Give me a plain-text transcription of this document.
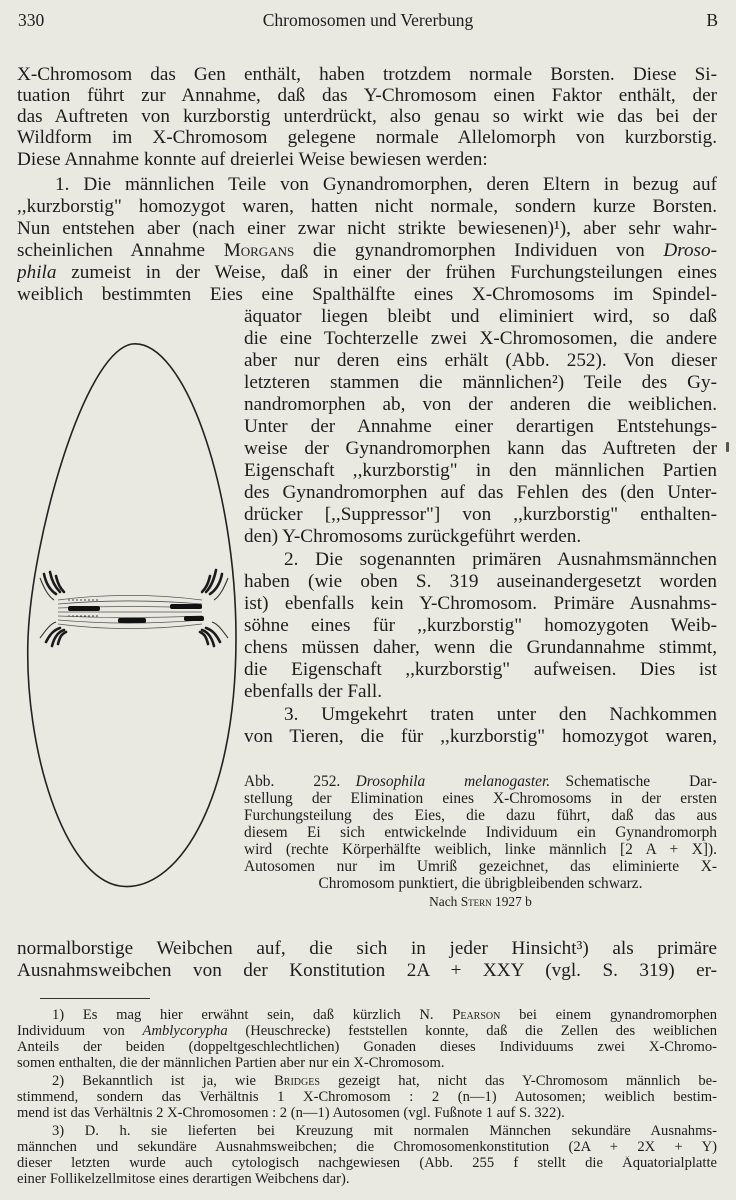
330	Chromosomen und Vererbung	B
X-Chromosom das Gen enthält, haben trotzdem normale Borsten. Diese Si-
tuation führt zur Annahme, daß das Y-Chromosom einen Faktor enthält, der
das Auftreten von kurzborstig unterdrückt, also genau so wirkt wie das bei der
Wildform im X-Chromosom gelegene normale Allelomorph von kurzborstig.
Diese Annahme konnte auf dreierlei Weise bewiesen werden:
1. Die männlichen Teile von Gynandromorphen, deren Eltern in bezug auf
,,kurzborstig" homozygot waren, hatten nicht normale, sondern kurze Borsten.
Nun entstehen aber (nach einer zwar nicht strikte bewiesenen)¹), aber sehr wahr-
weiblich bestimmten Eies eine Spalthälfte eines X-Chromosoms im Spindel-
äquator liegen bleibt und eliminiert wird, so daß
die eine Tochterzelle zwei X-Chromosomen, die andere
aber nur deren eins erhält (Abb. 252). Von dieser
letzteren stammen die männlichen²) Teile des Gy-
nandromorphen ab, von der anderen die weiblichen.
Unter der Annahme einer derartigen Entstehungs-
weise der Gynandromorphen kann das Auftreten der
Eigenschaft ,,kurzborstig" in den männlichen Partien
des Gynandromorphen auf das Fehlen des (den Unter-
drücker [,,Suppressor"] von ,,kurzborstig" enthalten-
den) Y-Chromosoms zurückgeführt werden.
2. Die sogenannten primären Ausnahmsmännchen
haben (wie oben S. 319 auseinandergesetzt worden
ist) ebenfalls kein Y-Chromosom. Primäre Ausnahms-
söhne eines für ,,kurzborstig" homozygoten Weib-
chens müssen daher, wenn die Grundannahme stimmt,
die Eigenschaft ,,kurzborstig" aufweisen. Dies ist
ebenfalls der Fall.
3. Umgekehrt traten unter den Nachkommen
von Tieren, die für ,,kurzborstig" homozygot waren,
normalborstige Weibchen auf, die sich in jeder Hinsicht³) als primäre
Ausnahmsweibchen von der Konstitution 2A + XXY (vgl. S. 319) er-
scheinlichen Annahme Morgans die gynandromorphen Individuen von Droso-
phila zumeist in der Weise, daß in einer der frühen Furchungsteilungen eines
Abb. 252.  Drosophila melanogaster.  Schematische Dar-
stellung der Elimination eines X-Chromosoms in der ersten
Furchungsteilung des Eies, die dazu führt, daß das aus
diesem Ei sich entwickelnde Individuum ein Gynandromorph
wird (rechte Körperhälfte weiblich, linke männlich [2 A + X]).
Autosomen nur im Umriß gezeichnet, das eliminierte X-
Chromosom punktiert, die übrigbleibenden schwarz.
Nach Stern 1927 b
1) Es mag hier erwähnt sein, daß kürzlich N. Pearson bei einem gynandromorphen
Individuum von Amblycorypha (Heuschrecke) feststellen konnte, daß die Zellen des weiblichen
Anteils der beiden (doppeltgeschlechtlichen) Gonaden dieses Individuums zwei X-Chromo-
somen enthalten, die der männlichen Partien aber nur ein X-Chromosom.
2) Bekanntlich ist ja, wie Bridges gezeigt hat, nicht das Y-Chromosom männlich be-
stimmend, sondern das Verhältnis 1 X-Chromosom : 2 (n—1) Autosomen; weiblich bestim-
mend ist das Verhältnis 2 X-Chromosomen : 2 (n—1) Autosomen (vgl. Fußnote 1 auf S. 322).
3) D. h. sie lieferten bei Kreuzung mit normalen Männchen sekundäre Ausnahms-
männchen und sekundäre Ausnahmsweibchen; die Chromosomenkonstitution (2A + 2X + Y)
dieser letzten wurde auch cytologisch nachgewiesen (Abb. 255 f stellt die Äquatorialplatte
einer Follikelzellmitose eines derartigen Weibchens dar).
